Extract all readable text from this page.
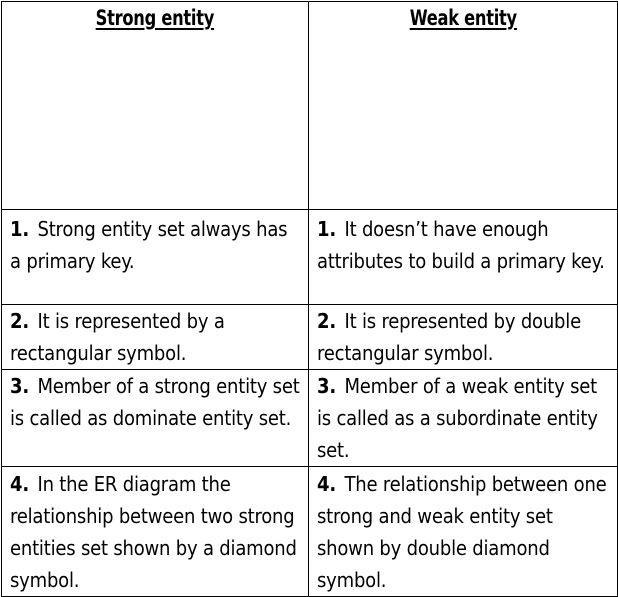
Strong entity	Weak entity

1. Strong entity set always has a primary key.	1. It doesn’t have enough attributes to build a primary key.

2. It is represented by a rectangular symbol.	2. It is represented by double rectangular symbol.

3. Member of a strong entity set is called as dominate entity set.	3. Member of a weak entity set is called as a subordinate entity set.

4. In the ER diagram the relationship between two strong entities set shown by a diamond symbol.	4. The relationship between one strong and weak entity set shown by double diamond symbol.
